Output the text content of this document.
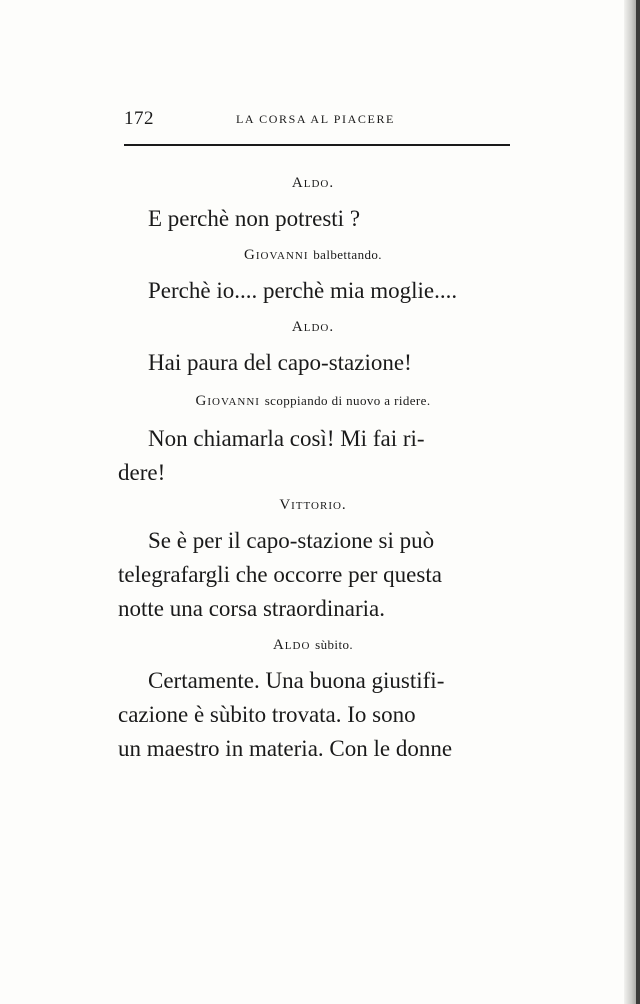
172	LA CORSA AL PIACERE

Aldo.

E perchè non potresti ?

Giovanni balbettando.

Perchè io.... perchè mia moglie....

Aldo.

Hai paura del capo-stazione!

Giovanni scoppiando di nuovo a ridere.

Non chiamarla così! Mi fai ri-

dere!

Vittorio.

Se è per il capo-stazione si può

telegrafargli che occorre per questa

notte una corsa straordinaria.

Aldo sùbito.

Certamente. Una buona giustifi-

cazione è sùbito trovata. Io sono

un maestro in materia. Con le donne
